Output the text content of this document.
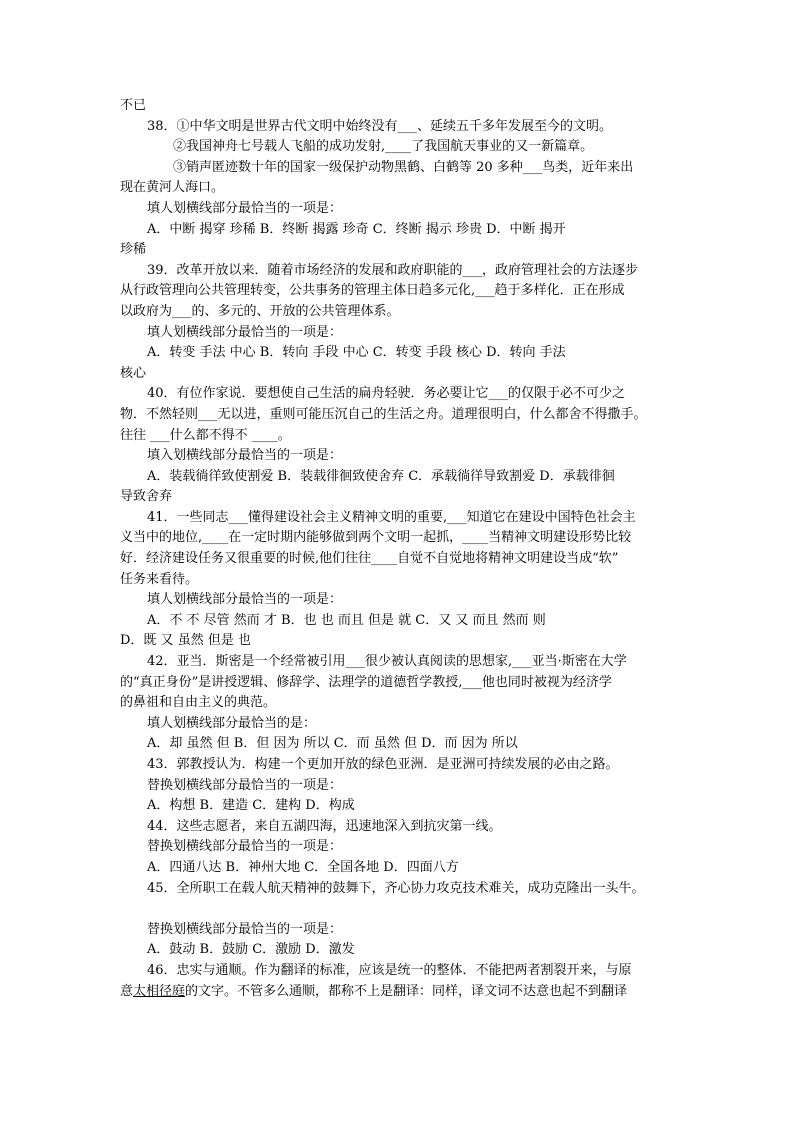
不已
38．①中华文明是世界古代文明中始终没有___、延续五千多年发展至今的文明。
②我国神舟七号载人飞船的成功发射,____了我国航天事业的又一新篇章。
③销声匿迹数十年的国家一级保护动物黑鹤、白鹤等 20 多种___鸟类，近年来出
现在黄河人海口。
填人划横线部分最恰当的一项是：
A．中断 揭穿 珍稀 B．终断 揭露 珍奇 C．终断 揭示 珍贵 D．中断 揭开
珍稀
39．改革开放以来．随着市场经济的发展和政府职能的___，政府管理社会的方法逐步
从行政管理向公共管理转变，公共事务的管理主体日趋多元化,___趋于多样化．正在形成
以政府为___的、多元的、开放的公共管理体系。
填人划横线部分最恰当的一项是：
A．转变 手法 中心 B．转向 手段 中心 C．转变 手段 核心 D．转向 手法
核心
40．有位作家说．要想使自己生活的扁舟轻驶．务必要让它___的仅限于必不可少之
物．不然轻则___无以进，重则可能压沉自己的生活之舟。道理很明白，什么都舍不得撒手。
往往 ___什么都不得不 ____。
填入划横线部分最恰当的一项是：
A．装载徜徉致使割爱 B．装载徘徊致使舍弃 C．承载徜徉导致割爱 D．承载徘徊
导致舍弃
41．一些同志___懂得建设社会主义精神文明的重要,___知道它在建设中国特色社会主
义当中的地位,____在一定时期内能够做到两个文明一起抓，____当精神文明建设形势比较
好．经济建设任务又很重要的时候,他们往往____自觉不自觉地将精神文明建设当成“软”
任务来看待。
填人划横线部分最恰当的一项是：
A．不 不 尽管 然而 才 B．也 也 而且 但是 就 C．又 又 而且 然而 则
D．既 又 虽然 但是 也
42．亚当．斯密是一个经常被引用___很少被认真阅读的思想家,___亚当·斯密在大学
的“真正身份”是讲授逻辑、修辞学、法理学的道德哲学教授,___他也同时被视为经济学
的鼻祖和自由主义的典范。
填人划横线部分最恰当的是：
A．却 虽然 但 B．但 因为 所以 C．而 虽然 但 D．而 因为 所以
43．郭教授认为．构建一个更加开放的绿色亚洲．是亚洲可持续发展的必由之路。
替换划横线部分最恰当的一项是：
A．构想 B．建造 C．建构 D．构成
44．这些志愿者，来自五湖四海，迅速地深入到抗灾第一线。
替换划横线部分最恰当的一项是：
A．四通八达 B．神州大地 C．全国各地 D．四面八方
45．全所职工在载人航天精神的鼓舞下，齐心协力攻克技术难关，成功克隆出一头牛。
替换划横线部分最恰当的一项是：
A．鼓动 B．鼓励 C．激励 D．激发
46．忠实与通顺。作为翻译的标准，应该是统一的整体．不能把两者割裂开来，与原
意太相径庭的文字。不管多么通顺，都称不上是翻译：同样，译文词不达意也起不到翻译
